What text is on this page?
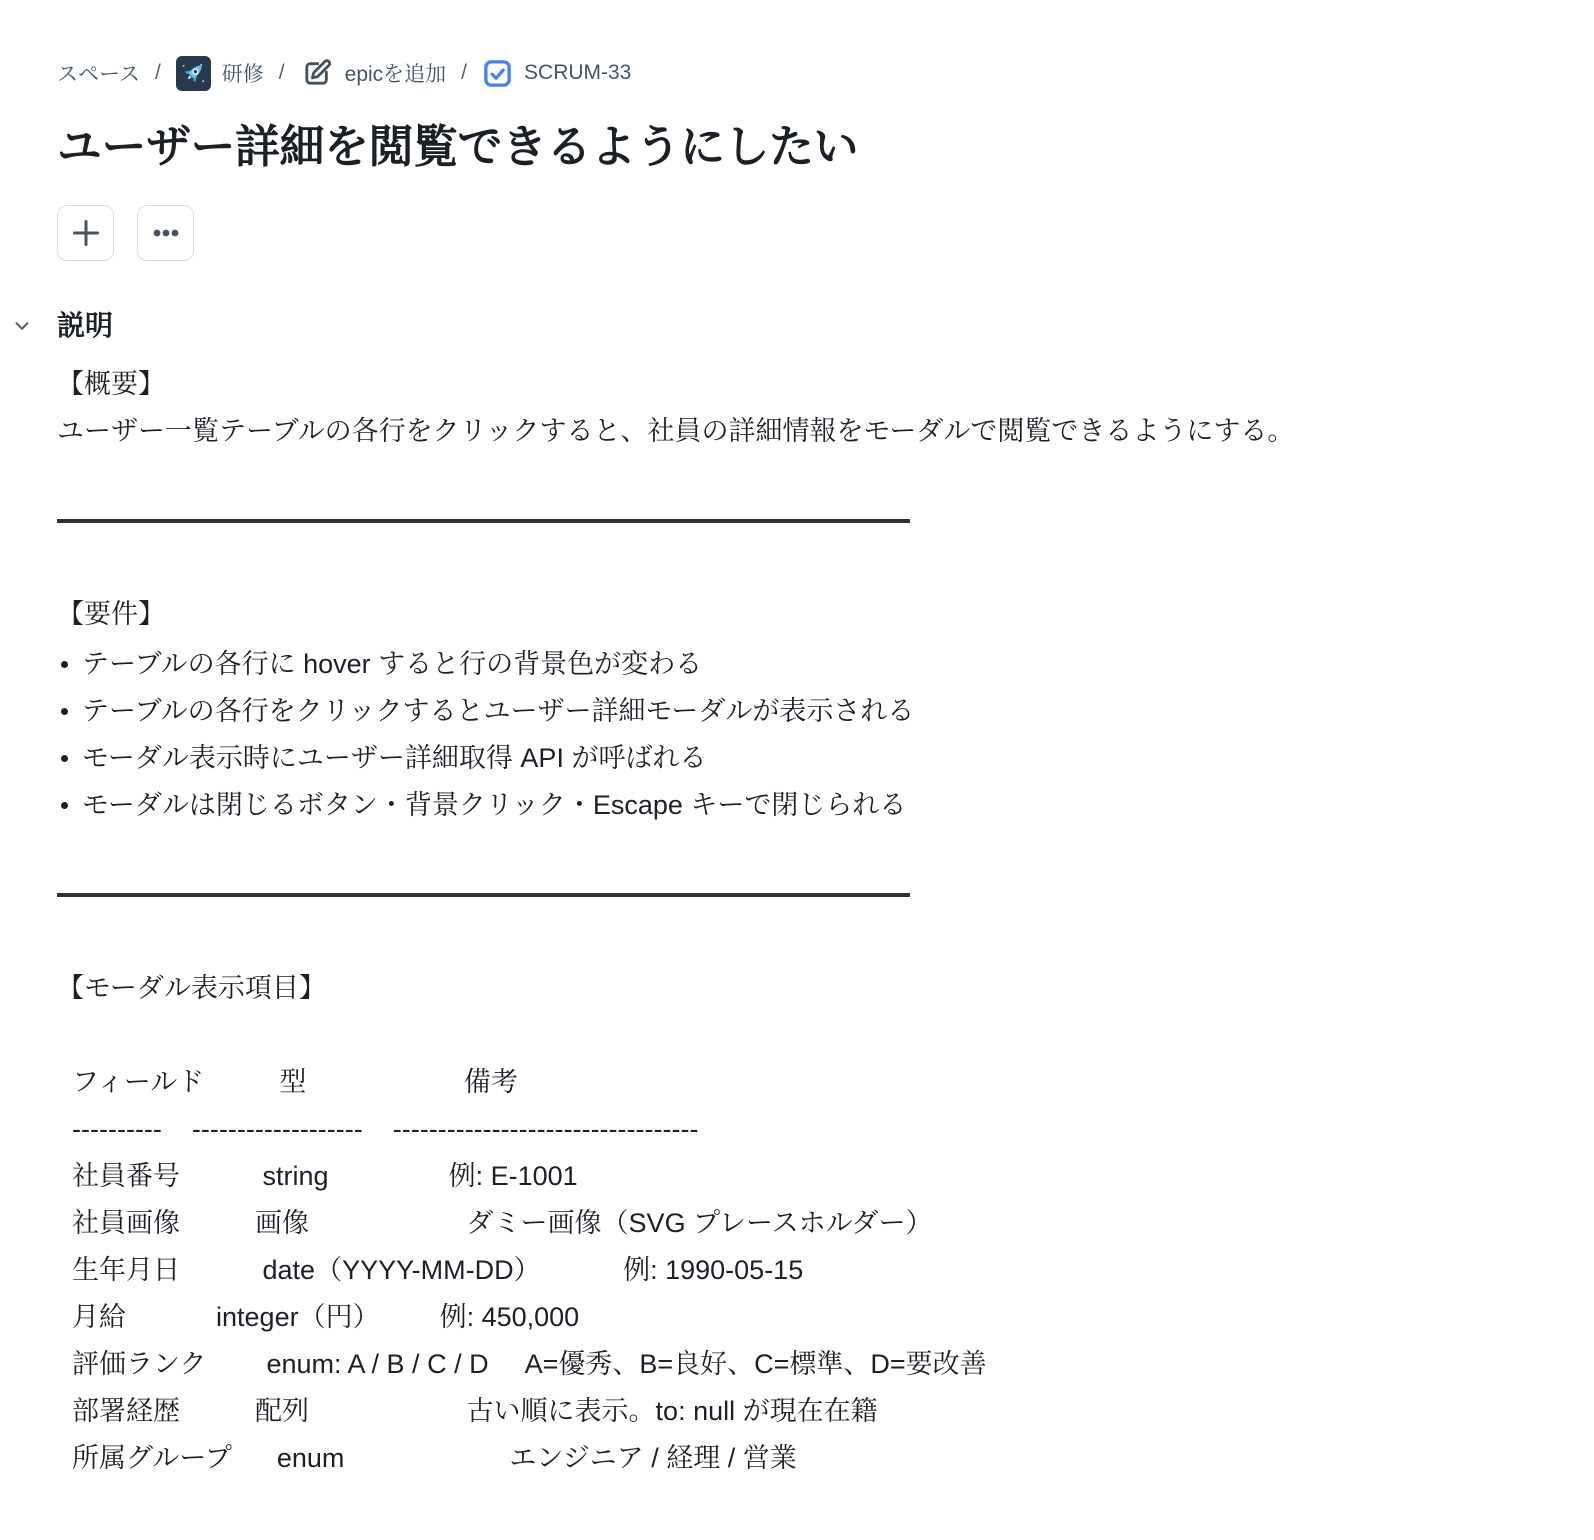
スペース /	研修 /	epicを追加 /	SCRUM-33
ユーザー詳細を閲覧できるようにしたい
説明

【概要】

ユーザー一覧テーブルの各行をクリックすると、社員の詳細情報をモーダルで閲覧できるようにする。

【要件】

テーブルの各行に hover すると行の背景色が変わる
テーブルの各行をクリックするとユーザー詳細モーダルが表示される
モーダル表示時にユーザー詳細取得 API が呼ばれる
モーダルは閉じるボタン・背景クリック・Escape キーで閉じられる

【モーダル表示項目】

フィールド          型                     備考
----------    -------------------    ----------------------------------
社員番号           string                例: E-1001
社員画像          画像                     ダミー画像（SVG プレースホルダー）
生年月日           date（YYYY-MM-DD）           例: 1990-05-15
月給            integer（円）        例: 450,000
評価ランク        enum: A / B / C / D     A=優秀、B=良好、C=標準、D=要改善
部署経歴          配列                     古い順に表示。to: null が現在在籍
所属グループ      enum                      エンジニア / 経理 / 営業
